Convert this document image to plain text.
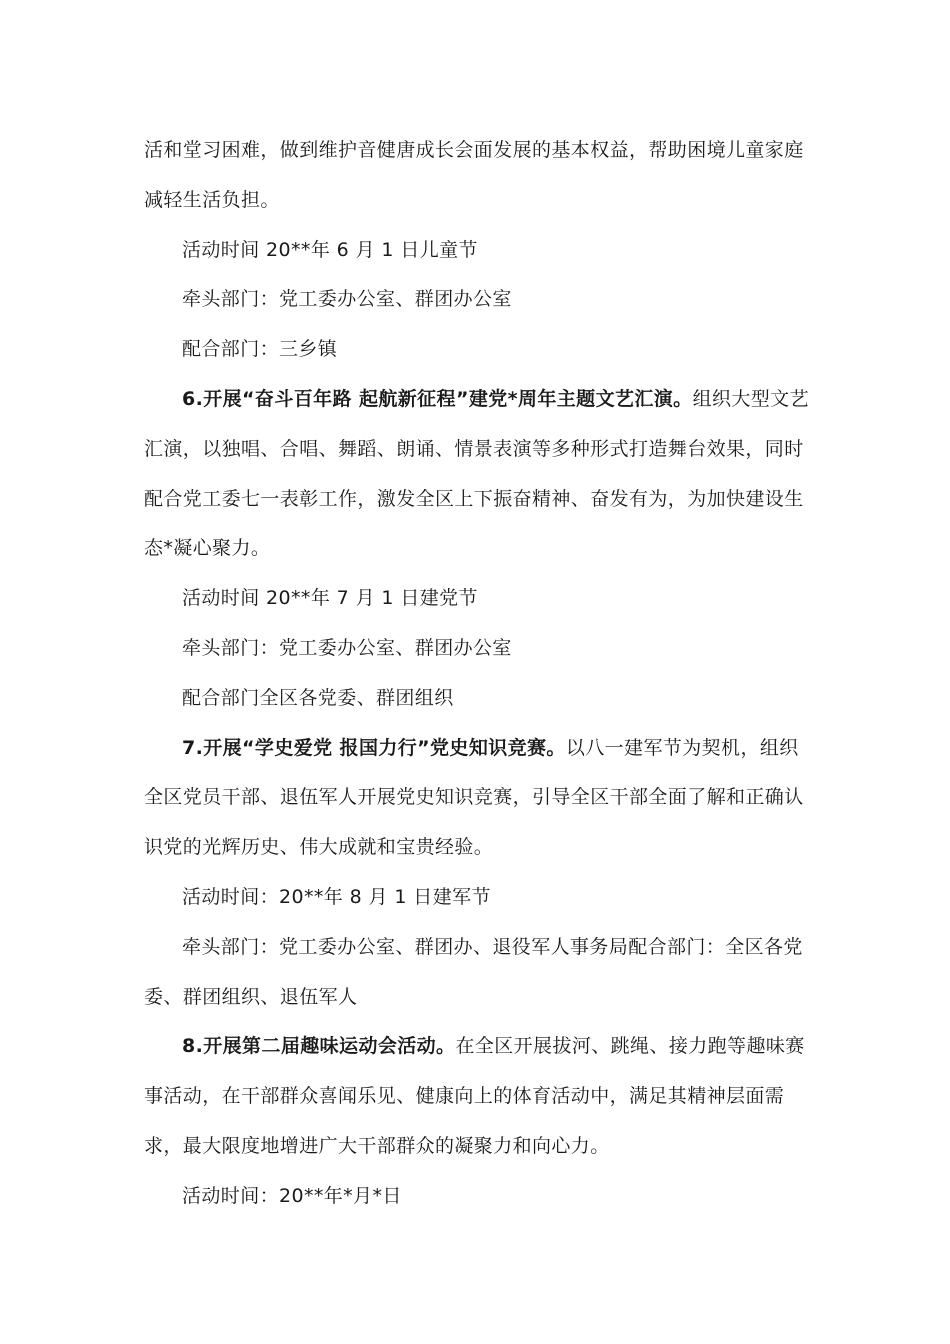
活和堂习困难，做到维护音健唐成长会面发展的基本权益，帮助困境儿童家庭减轻生活负担。

活动时间 20**年 6 月 1 日儿童节

牵头部门：党工委办公室、群团办公室

配合部门：三乡镇

6.开展“奋斗百年路 起航新征程”建党*周年主题文艺汇演。组织大型文艺汇演，以独唱、合唱、舞蹈、朗诵、情景表演等多种形式打造舞台效果，同时配合党工委七一表彰工作，激发全区上下振奋精神、奋发有为，为加快建设生态*凝心聚力。

活动时间 20**年 7 月 1 日建党节

牵头部门：党工委办公室、群团办公室

配合部门全区各党委、群团组织

7.开展“学史爱党 报国力行”党史知识竞赛。以八一建军节为契机，组织全区党员干部、退伍军人开展党史知识竞赛，引导全区干部全面了解和正确认识党的光辉历史、伟大成就和宝贵经验。

活动时间：20**年 8 月 1 日建军节

牵头部门：党工委办公室、群团办、退役军人事务局配合部门：全区各党委、群团组织、退伍军人

8.开展第二届趣味运动会活动。在全区开展拔河、跳绳、接力跑等趣味赛事活动，在干部群众喜闻乐见、健康向上的体育活动中，满足其精神层面需求，最大限度地增进广大干部群众的凝聚力和向心力。

活动时间：20**年*月*日
